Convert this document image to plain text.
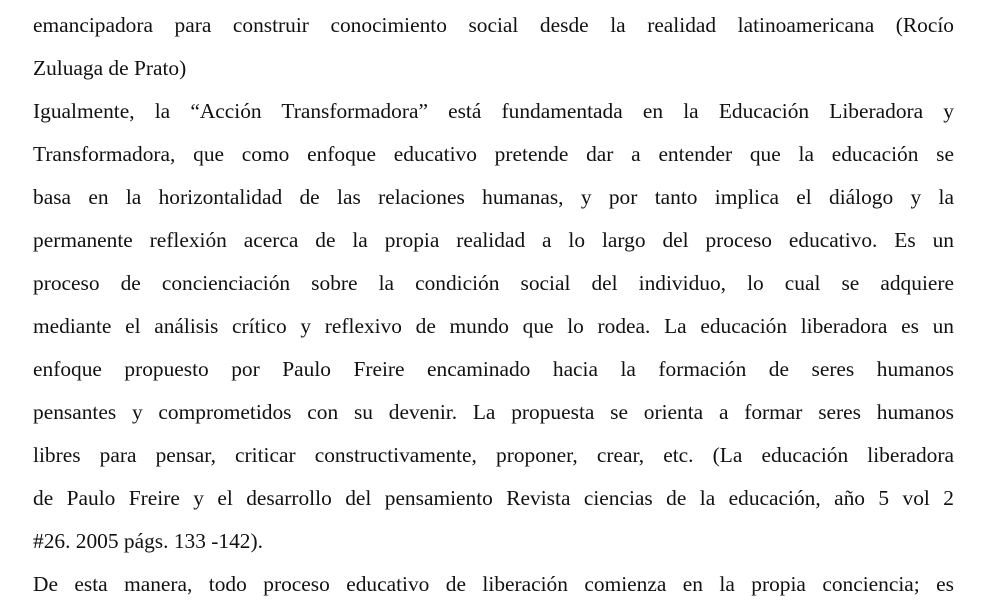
emancipadora para construir conocimiento social desde la realidad latinoamericana (Rocío
Zuluaga de Prato)
Igualmente, la “Acción Transformadora” está fundamentada en la Educación Liberadora y
Transformadora, que como enfoque educativo pretende dar a entender que la educación se
basa en la horizontalidad de las relaciones humanas, y por tanto implica el diálogo y la
permanente reflexión acerca de la propia realidad a lo largo del proceso educativo. Es un
proceso de concienciación sobre la condición social del individuo, lo cual se adquiere
mediante el análisis crítico y reflexivo de mundo que lo rodea. La educación liberadora es un
enfoque propuesto por Paulo Freire encaminado hacia la formación de seres humanos
pensantes y comprometidos con su devenir. La propuesta se orienta a formar seres humanos
libres para pensar, criticar constructivamente, proponer, crear, etc. (La educación liberadora
de Paulo Freire y el desarrollo del pensamiento Revista ciencias de la educación, año 5 vol 2
#26. 2005 págs. 133 -142).
De esta manera, todo proceso educativo de liberación comienza en la propia conciencia; es
